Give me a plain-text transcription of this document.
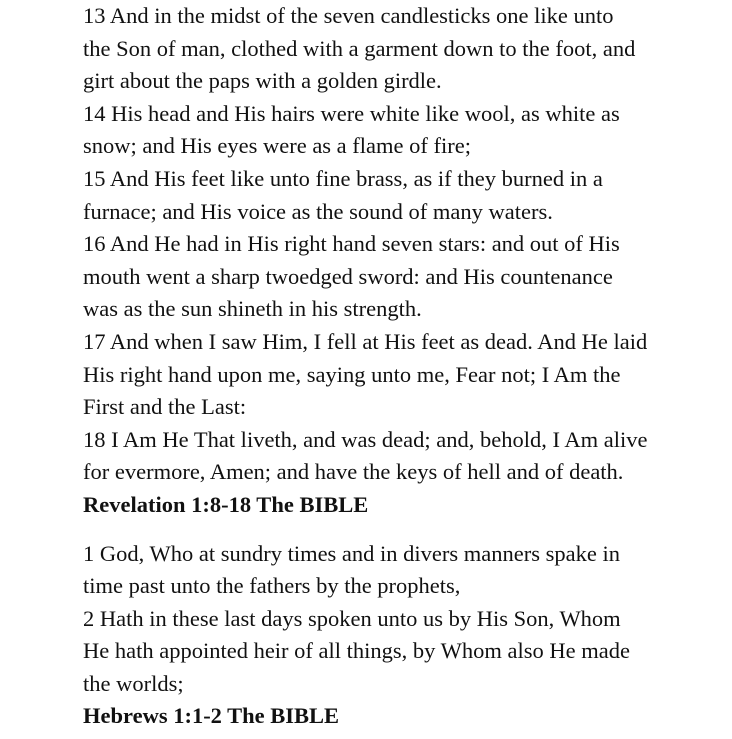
13 And in the midst of the seven candlesticks one like unto
the Son of man, clothed with a garment down to the foot, and
girt about the paps with a golden girdle.
14 His head and His hairs were white like wool, as white as
snow; and His eyes were as a flame of fire;
15 And His feet like unto fine brass, as if they burned in a
furnace; and His voice as the sound of many waters.
16 And He had in His right hand seven stars: and out of His
mouth went a sharp twoedged sword: and His countenance
was as the sun shineth in his strength.
17 And when I saw Him, I fell at His feet as dead. And He laid
His right hand upon me, saying unto me, Fear not; I Am the
First and the Last:
18 I Am He That liveth, and was dead; and, behold, I Am alive
for evermore, Amen; and have the keys of hell and of death.
Revelation 1:8-18 The BIBLE
1 God, Who at sundry times and in divers manners spake in
time past unto the fathers by the prophets,
2 Hath in these last days spoken unto us by His Son, Whom
He hath appointed heir of all things, by Whom also He made
the worlds;
Hebrews 1:1-2 The BIBLE
